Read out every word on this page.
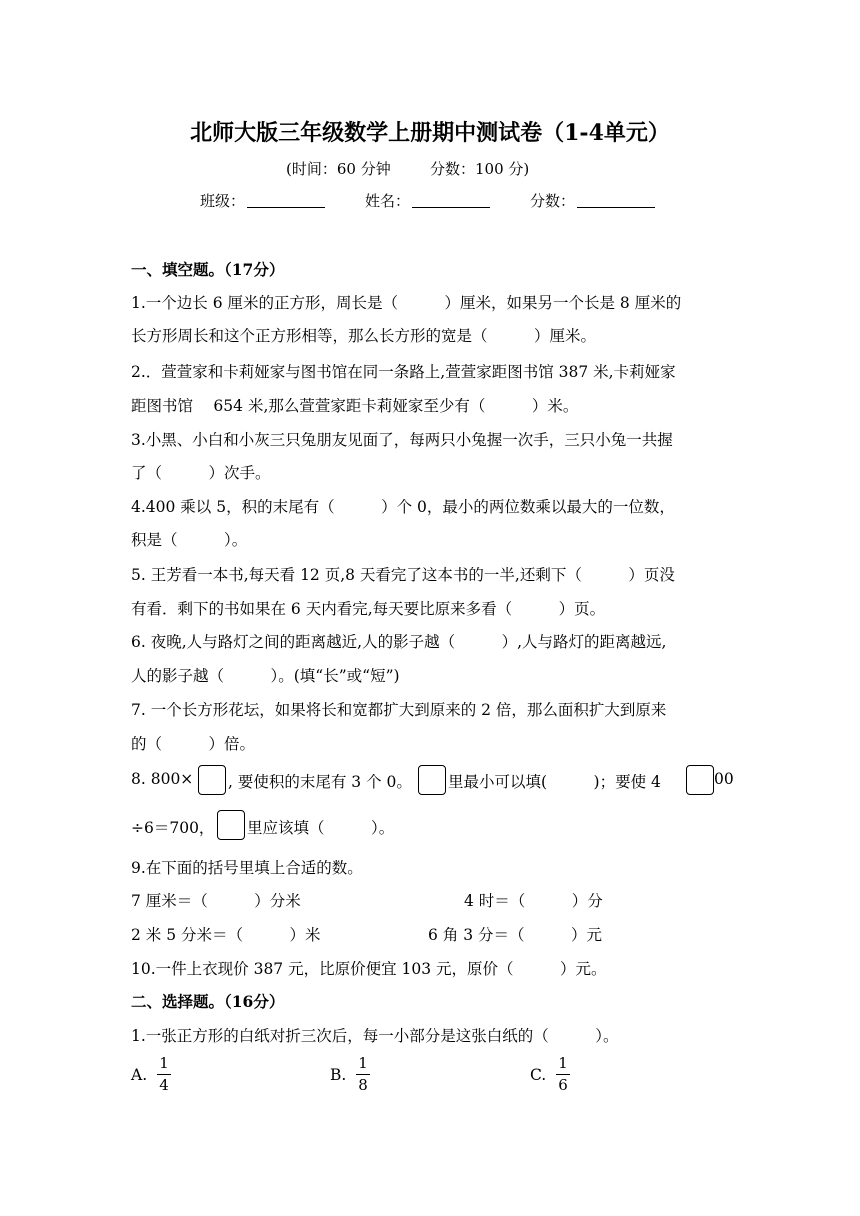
北师大版三年级数学上册期中测试卷（1-4单元）
(时间：60 分钟	分数：100 分)
班级：	姓名：	分数：
一、填空题。（17分）
1.一个边长 6 厘米的正方形，周长是（　　　）厘米，如果另一个长是 8 厘米的
长方形周长和这个正方形相等，那么长方形的宽是（　　　）厘米。
2.．萱萱家和卡莉娅家与图书馆在同一条路上,萱萱家距图书馆 387 米,卡莉娅家
距图书馆　 654 米,那么萱萱家距卡莉娅家至少有（　　　）米。
3.小黑、小白和小灰三只兔朋友见面了，每两只小兔握一次手，三只小兔一共握
了（　　　）次手。
4.400 乘以 5，积的末尾有（　　　）个 0，最小的两位数乘以最大的一位数，
积是（　　　）。
5. 王芳看一本书,每天看 12 页,8 天看完了这本书的一半,还剩下（　　　）页没
有看．剩下的书如果在 6 天内看完,每天要比原来多看（　　　）页。
6. 夜晚,人与路灯之间的距离越近,人的影子越（　　　）,人与路灯的距离越远,
人的影子越（　　　）。(填“长”或“短”)
7. 一个长方形花坛，如果将长和宽都扩大到原来的 2 倍，那么面积扩大到原来
的（　　　）倍。
8. 800× , 要使积的末尾有 3 个 0。 里最小可以填(　　　)；要使 4	00
÷6＝700， 里应该填（　　　）。
9.在下面的括号里填上合适的数。
7 厘米＝（　　　）分米	4 时＝（　　　）分
2 米 5 分米＝（　　　）米	6 角 3 分＝（　　　）元
10.一件上衣现价 387 元，比原价便宜 103 元，原价（　　　）元。
二、选择题。（16分）
1.一张正方形的白纸对折三次后，每一小部分是这张白纸的（　　　）。
A.
1
4
B.
1
8
C.
1
6
